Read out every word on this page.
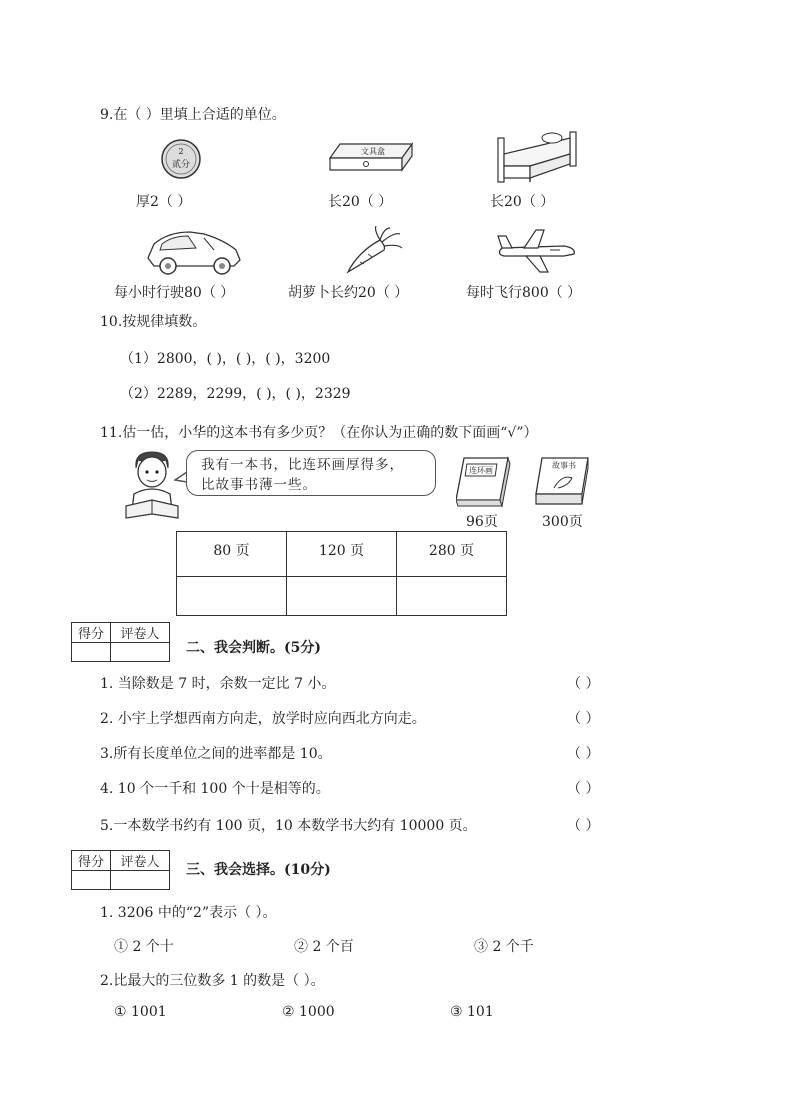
9.在（ ）里填上合适的单位。
2
贰分
文具盒
厚2（ ）	长20（ ）	长20（ ）
每小时行驶80（ ）	胡萝卜长约20（ ）	每时飞行800（ ）
10.按规律填数。
（1）2800，( )，( )，( )，3200
（2）2289，2299，( )，( )，2329
11.估一估，小华的这本书有多少页？（在你认为正确的数下面画“√”）
我有一本书，比连环画厚得多，
比故事书薄一些。
连环画
96页
故事书
300页
80 页	120 页	280 页

得分	评卷人

二、我会判断。(5分)
1. 当除数是 7 时，余数一定比 7 小。	（ ）
2. 小宇上学想西南方向走，放学时应向西北方向走。	（ ）
3.所有长度单位之间的进率都是 10。	（ ）
4. 10 个一千和 100 个十是相等的。	（ ）
5.一本数学书约有 100 页，10 本数学书大约有 10000 页。	（ ）
得分	评卷人
	三、我会选择。(10分)
1. 3206 中的“2”表示（ ）。
① 2 个十	② 2 个百	③ 2 个千
2.比最大的三位数多 1 的数是（ ）。
① 1001	② 1000	③ 101
